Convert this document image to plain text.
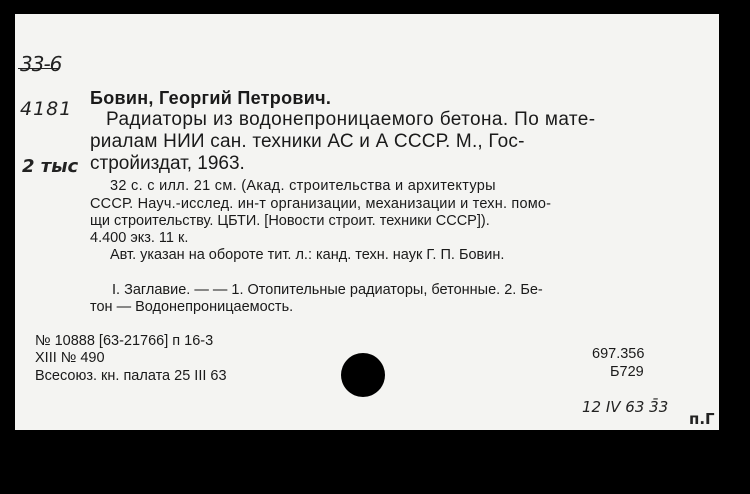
33-6
4181
2 тыс
Бовин, Георгий Петрович.
Радиаторы из водонепроницаемого бетона. По мате-
риалам НИИ сан. техники АС и А СССР. М., Гос-
стройиздат, 1963.
32 с. с илл. 21 см. (Акад. строительства и архитектуры
СССР. Науч.-исслед. ин-т организации, механизации и техн. помо-
щи строительству. ЦБТИ. [Новости строит. техники СССР]).
4.400 экз. 11 к.
Авт. указан на обороте тит. л.: канд. техн. наук Г. П. Бовин.
I. Заглавие. — — 1. Отопительные радиаторы, бетонные. 2. Бе-
тон — Водонепроницаемость.
№ 10888 [63-21766] п 16-3
XIII № 490
Всесоюз. кн. палата 25 III 63
697.356
Б729
12 IV 63 3̄3
п.Г
